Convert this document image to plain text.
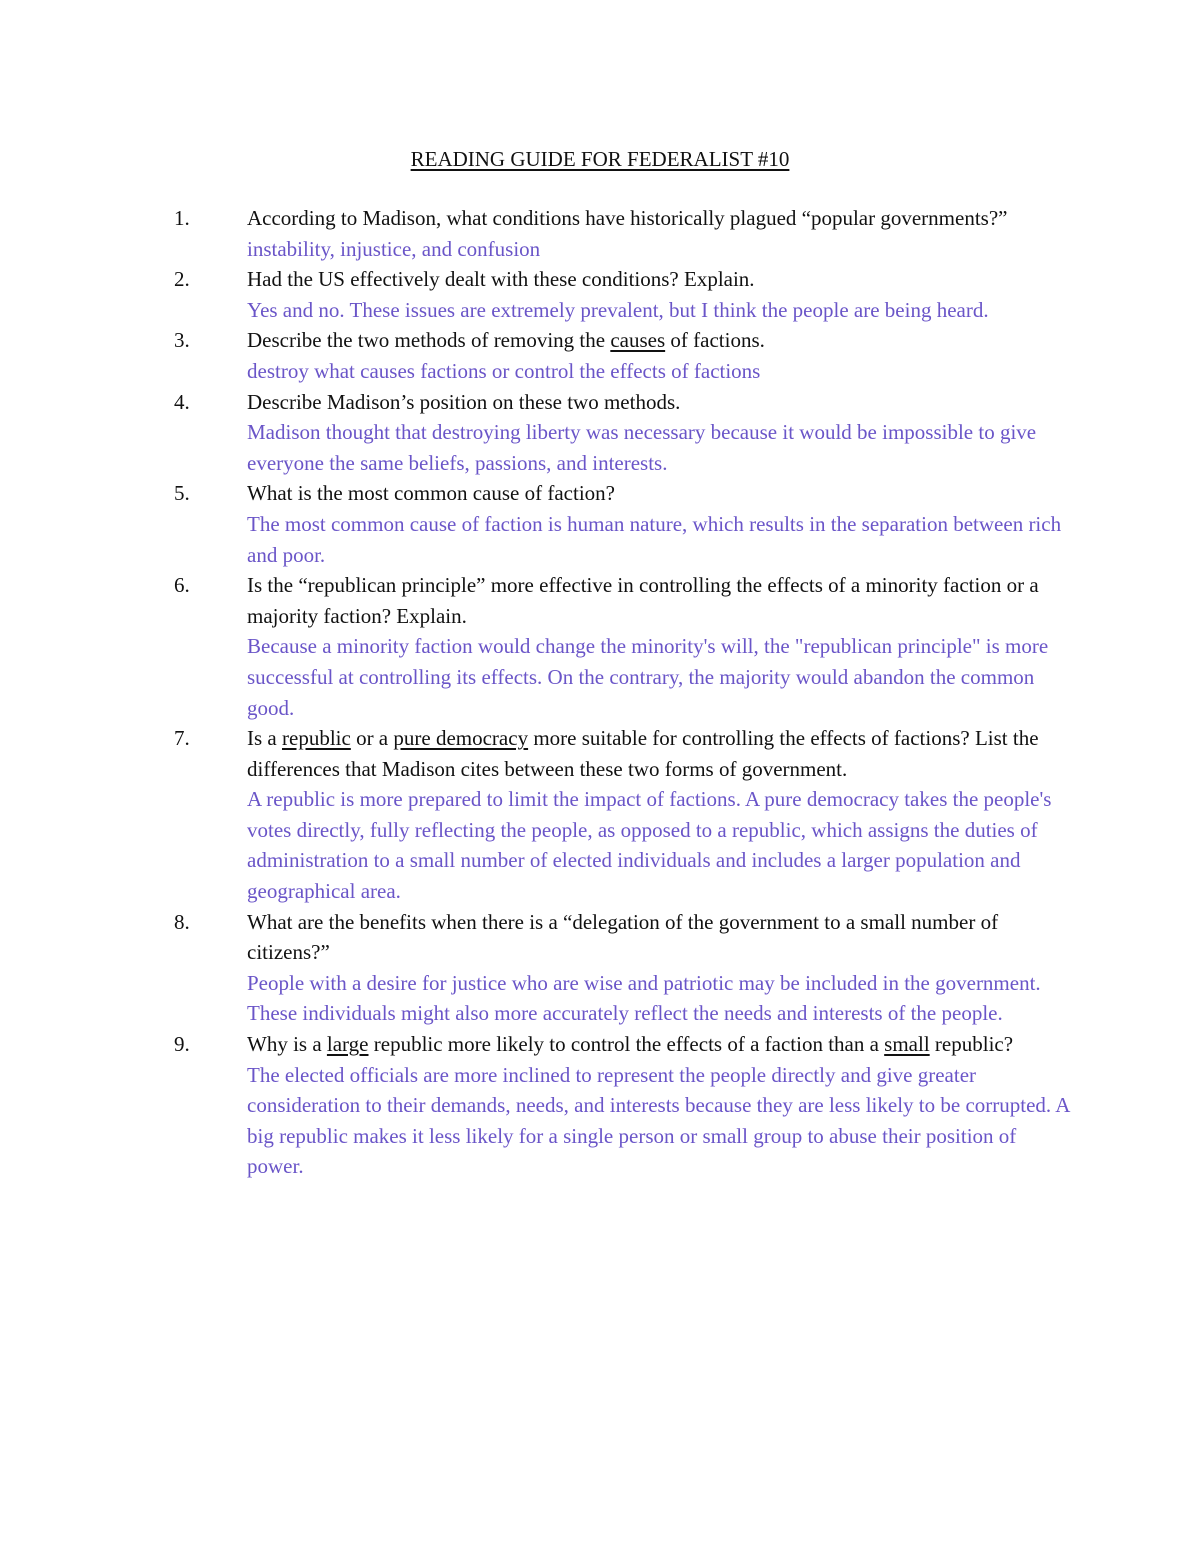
READING GUIDE FOR FEDERALIST #10
1.	According to Madison, what conditions have historically plagued “popular governments?”
instability, injustice, and confusion
2.	Had the US effectively dealt with these conditions? Explain.
Yes and no. These issues are extremely prevalent, but I think the people are being heard.
3.	Describe the two methods of removing the causes of factions.
destroy what causes factions or control the effects of factions
4.	Describe Madison’s position on these two methods.
Madison thought that destroying liberty was necessary because it would be impossible to give everyone the same beliefs, passions, and interests.
5.	What is the most common cause of faction?
The most common cause of faction is human nature, which results in the separation between rich and poor.
6.	Is the “republican principle” more effective in controlling the effects of a minority faction or a majority faction? Explain.
Because a minority faction would change the minority's will, the "republican principle" is more successful at controlling its effects. On the contrary, the majority would abandon the common good.
7.	Is a republic or a pure democracy more suitable for controlling the effects of factions? List the differences that Madison cites between these two forms of government.
A republic is more prepared to limit the impact of factions. A pure democracy takes the people's votes directly, fully reflecting the people, as opposed to a republic, which assigns the duties of administration to a small number of elected individuals and includes a larger population and geographical area.
8.	What are the benefits when there is a “delegation of the government to a small number of citizens?”
People with a desire for justice who are wise and patriotic may be included in the government. These individuals might also more accurately reflect the needs and interests of the people.
9.	Why is a large republic more likely to control the effects of a faction than a small republic?
The elected officials are more inclined to represent the people directly and give greater consideration to their demands, needs, and interests because they are less likely to be corrupted. A big republic makes it less likely for a single person or small group to abuse their position of power.
